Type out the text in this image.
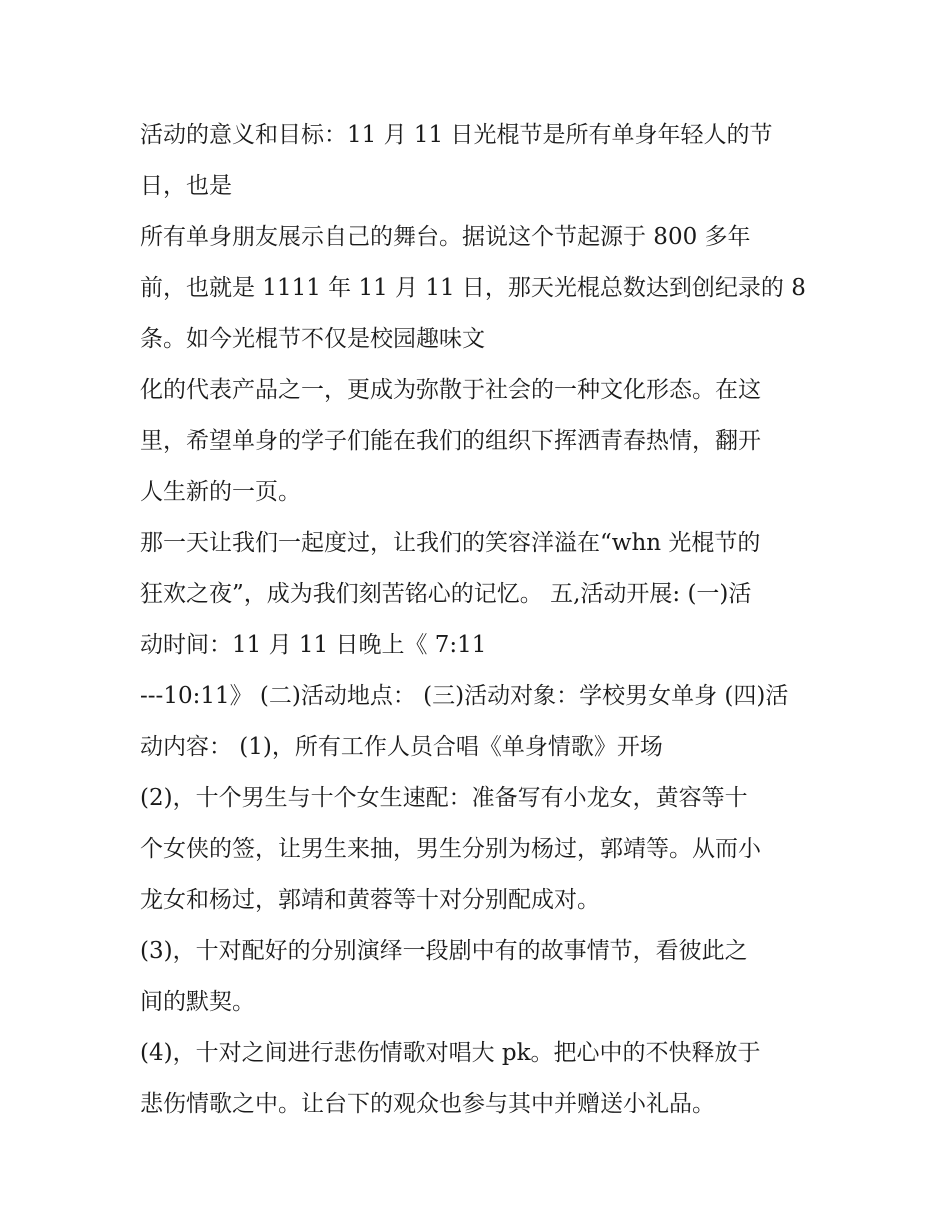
活动的意义和目标：11 月 11 日光棍节是所有单身年轻人的节
日，也是
所有单身朋友展示自己的舞台。据说这个节起源于 800 多年
前，也就是 1111 年 11 月 11 日，那天光棍总数达到创纪录的 8
条。如今光棍节不仅是校园趣味文
化的代表产品之一，更成为弥散于社会的一种文化形态。在这
里，希望单身的学子们能在我们的组织下挥洒青春热情，翻开
人生新的一页。
那一天让我们一起度过，让我们的笑容洋溢在“whn 光棍节的
狂欢之夜”，成为我们刻苦铭心的记忆。 五,活动开展: (一)活
动时间：11 月 11 日晚上《 7:11
---10:11》 (二)活动地点： (三)活动对象：学校男女单身 (四)活
动内容： (1)，所有工作人员合唱《单身情歌》开场
(2)，十个男生与十个女生速配：准备写有小龙女，黄容等十
个女侠的签，让男生来抽，男生分别为杨过，郭靖等。从而小
龙女和杨过，郭靖和黄蓉等十对分别配成对。
(3)，十对配好的分别演绎一段剧中有的故事情节，看彼此之
间的默契。
(4)，十对之间进行悲伤情歌对唱大 pk。把心中的不快释放于
悲伤情歌之中。让台下的观众也参与其中并赠送小礼品。
